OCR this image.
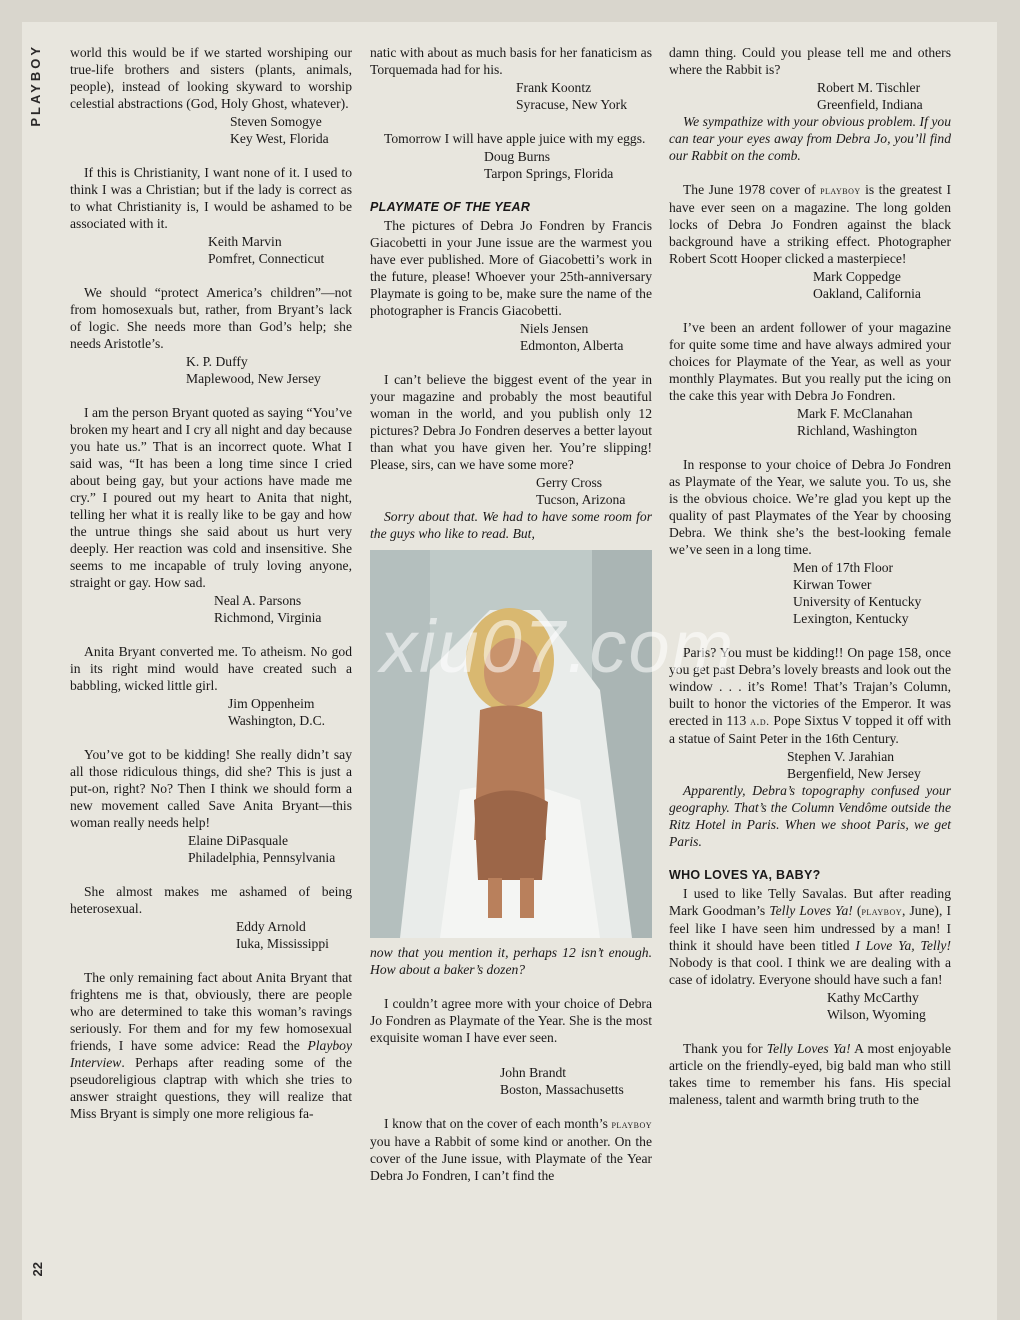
PLAYBOY
22

world this would be if we started worshiping our true-life brothers and sisters (plants, animals, people), instead of looking skyward to worship celestial abstractions (God, Holy Ghost, whatever).

Steven Somogye
Key West, Florida

If this is Christianity, I want none of it. I used to think I was a Christian; but if the lady is correct as to what Christianity is, I would be ashamed to be associated with it.

Keith Marvin
Pomfret, Connecticut

We should “protect America’s children”—not from homosexuals but, rather, from Bryant’s lack of logic. She needs more than God’s help; she needs Aristotle’s.

K. P. Duffy
Maplewood, New Jersey

I am the person Bryant quoted as saying “You’ve broken my heart and I cry all night and day because you hate us.” That is an incorrect quote. What I said was, “It has been a long time since I cried about being gay, but your actions have made me cry.” I poured out my heart to Anita that night, telling her what it is really like to be gay and how the untrue things she said about us hurt very deeply. Her reaction was cold and insensitive. She seems to me incapable of truly loving anyone, straight or gay. How sad.

Neal A. Parsons
Richmond, Virginia

Anita Bryant converted me. To atheism. No god in its right mind would have created such a babbling, wicked little girl.

Jim Oppenheim
Washington, D.C.

You’ve got to be kidding! She really didn’t say all those ridiculous things, did she? This is just a put-on, right? No? Then I think we should form a new movement called Save Anita Bryant—this woman really needs help!

Elaine DiPasquale
Philadelphia, Pennsylvania

She almost makes me ashamed of being heterosexual.

Eddy Arnold
Iuka, Mississippi

The only remaining fact about Anita Bryant that frightens me is that, obviously, there are people who are determined to take this woman’s ravings seriously. For them and for my few homosexual friends, I have some advice: Read the Playboy Interview. Perhaps after reading some of the pseudoreligious claptrap with which she tries to answer straight questions, they will realize that Miss Bryant is simply one more religious fa-

natic with about as much basis for her fanaticism as Torquemada had for his.

Frank Koontz
Syracuse, New York

Tomorrow I will have apple juice with my eggs.

Doug Burns
Tarpon Springs, Florida
PLAYMATE OF THE YEAR

The pictures of Debra Jo Fondren by Francis Giacobetti in your June issue are the warmest you have ever published. More of Giacobetti’s work in the future, please! Whoever your 25th-anniversary Playmate is going to be, make sure the name of the photographer is Francis Giacobetti.

Niels Jensen
Edmonton, Alberta

I can’t believe the biggest event of the year in your magazine and probably the most beautiful woman in the world, and you publish only 12 pictures? Debra Jo Fondren deserves a better layout than what you have given her. You’re slipping! Please, sirs, can we have some more?

Gerry Cross
Tucson, Arizona

Sorry about that. We had to have some room for the guys who like to read. But,

now that you mention it, perhaps 12 isn’t enough. How about a baker’s dozen?

I couldn’t agree more with your choice of Debra Jo Fondren as Playmate of the Year. She is the most exquisite woman I have ever seen.

John Brandt
Boston, Massachusetts

I know that on the cover of each month’s playboy you have a Rabbit of some kind or another. On the cover of the June issue, with Playmate of the Year Debra Jo Fondren, I can’t find the

damn thing. Could you please tell me and others where the Rabbit is?

Robert M. Tischler
Greenfield, Indiana

We sympathize with your obvious problem. If you can tear your eyes away from Debra Jo, you’ll find our Rabbit on the comb.

The June 1978 cover of playboy is the greatest I have ever seen on a magazine. The long golden locks of Debra Jo Fondren against the black background have a striking effect. Photographer Robert Scott Hooper clicked a masterpiece!

Mark Coppedge
Oakland, California

I’ve been an ardent follower of your magazine for quite some time and have always admired your choices for Playmate of the Year, as well as your monthly Playmates. But you really put the icing on the cake this year with Debra Jo Fondren.

Mark F. McClanahan
Richland, Washington

In response to your choice of Debra Jo Fondren as Playmate of the Year, we salute you. To us, she is the obvious choice. We’re glad you kept up the quality of past Playmates of the Year by choosing Debra. We think she’s the best-looking female we’ve seen in a long time.

Men of 17th Floor
Kirwan Tower
University of Kentucky
Lexington, Kentucky

Paris? You must be kidding!! On page 158, once you get past Debra’s lovely breasts and look out the window . . . it’s Rome! That’s Trajan’s Column, built to honor the victories of the Emperor. It was erected in 113 a.d. Pope Sixtus V topped it off with a statue of Saint Peter in the 16th Century.

Stephen V. Jarahian
Bergenfield, New Jersey

Apparently, Debra’s topography confused your geography. That’s the Column Vendôme outside the Ritz Hotel in Paris. When we shoot Paris, we get Paris.

WHO LOVES YA, BABY?

I used to like Telly Savalas. But after reading Mark Goodman’s Telly Loves Ya! (playboy, June), I feel like I have seen him undressed by a man! I think it should have been titled I Love Ya, Telly! Nobody is that cool. I think we are dealing with a case of idolatry. Everyone should have such a fan!

Kathy McCarthy
Wilson, Wyoming

Thank you for Telly Loves Ya! A most enjoyable article on the friendly-eyed, big bald man who still takes time to remember his fans. His special maleness, talent and warmth bring truth to the

xiu07.com
